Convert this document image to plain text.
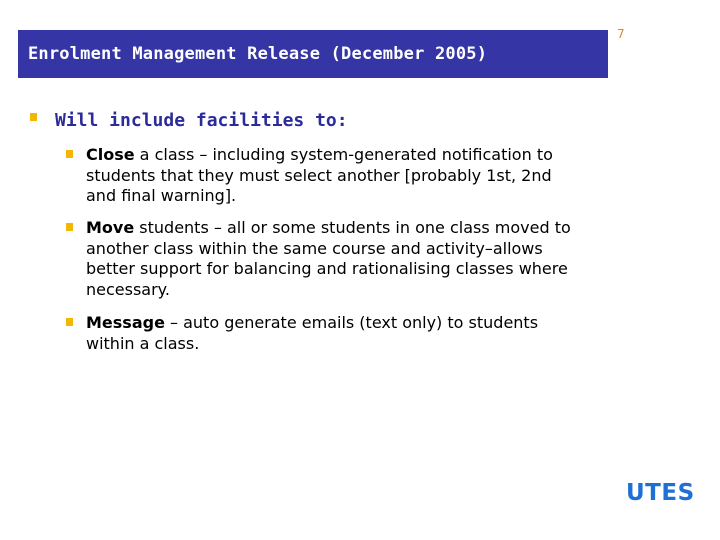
Enrolment Management Release (December 2005)
7
Will include facilities to:
Close a class – including system-generated notification to students that they must select another [probably 1st, 2nd and final warning].
Move students – all or some students in one class moved to another class within the same course and activity–allows better support for balancing and rationalising classes where necessary.
Message – auto generate emails (text only) to students within a class.
UTES
